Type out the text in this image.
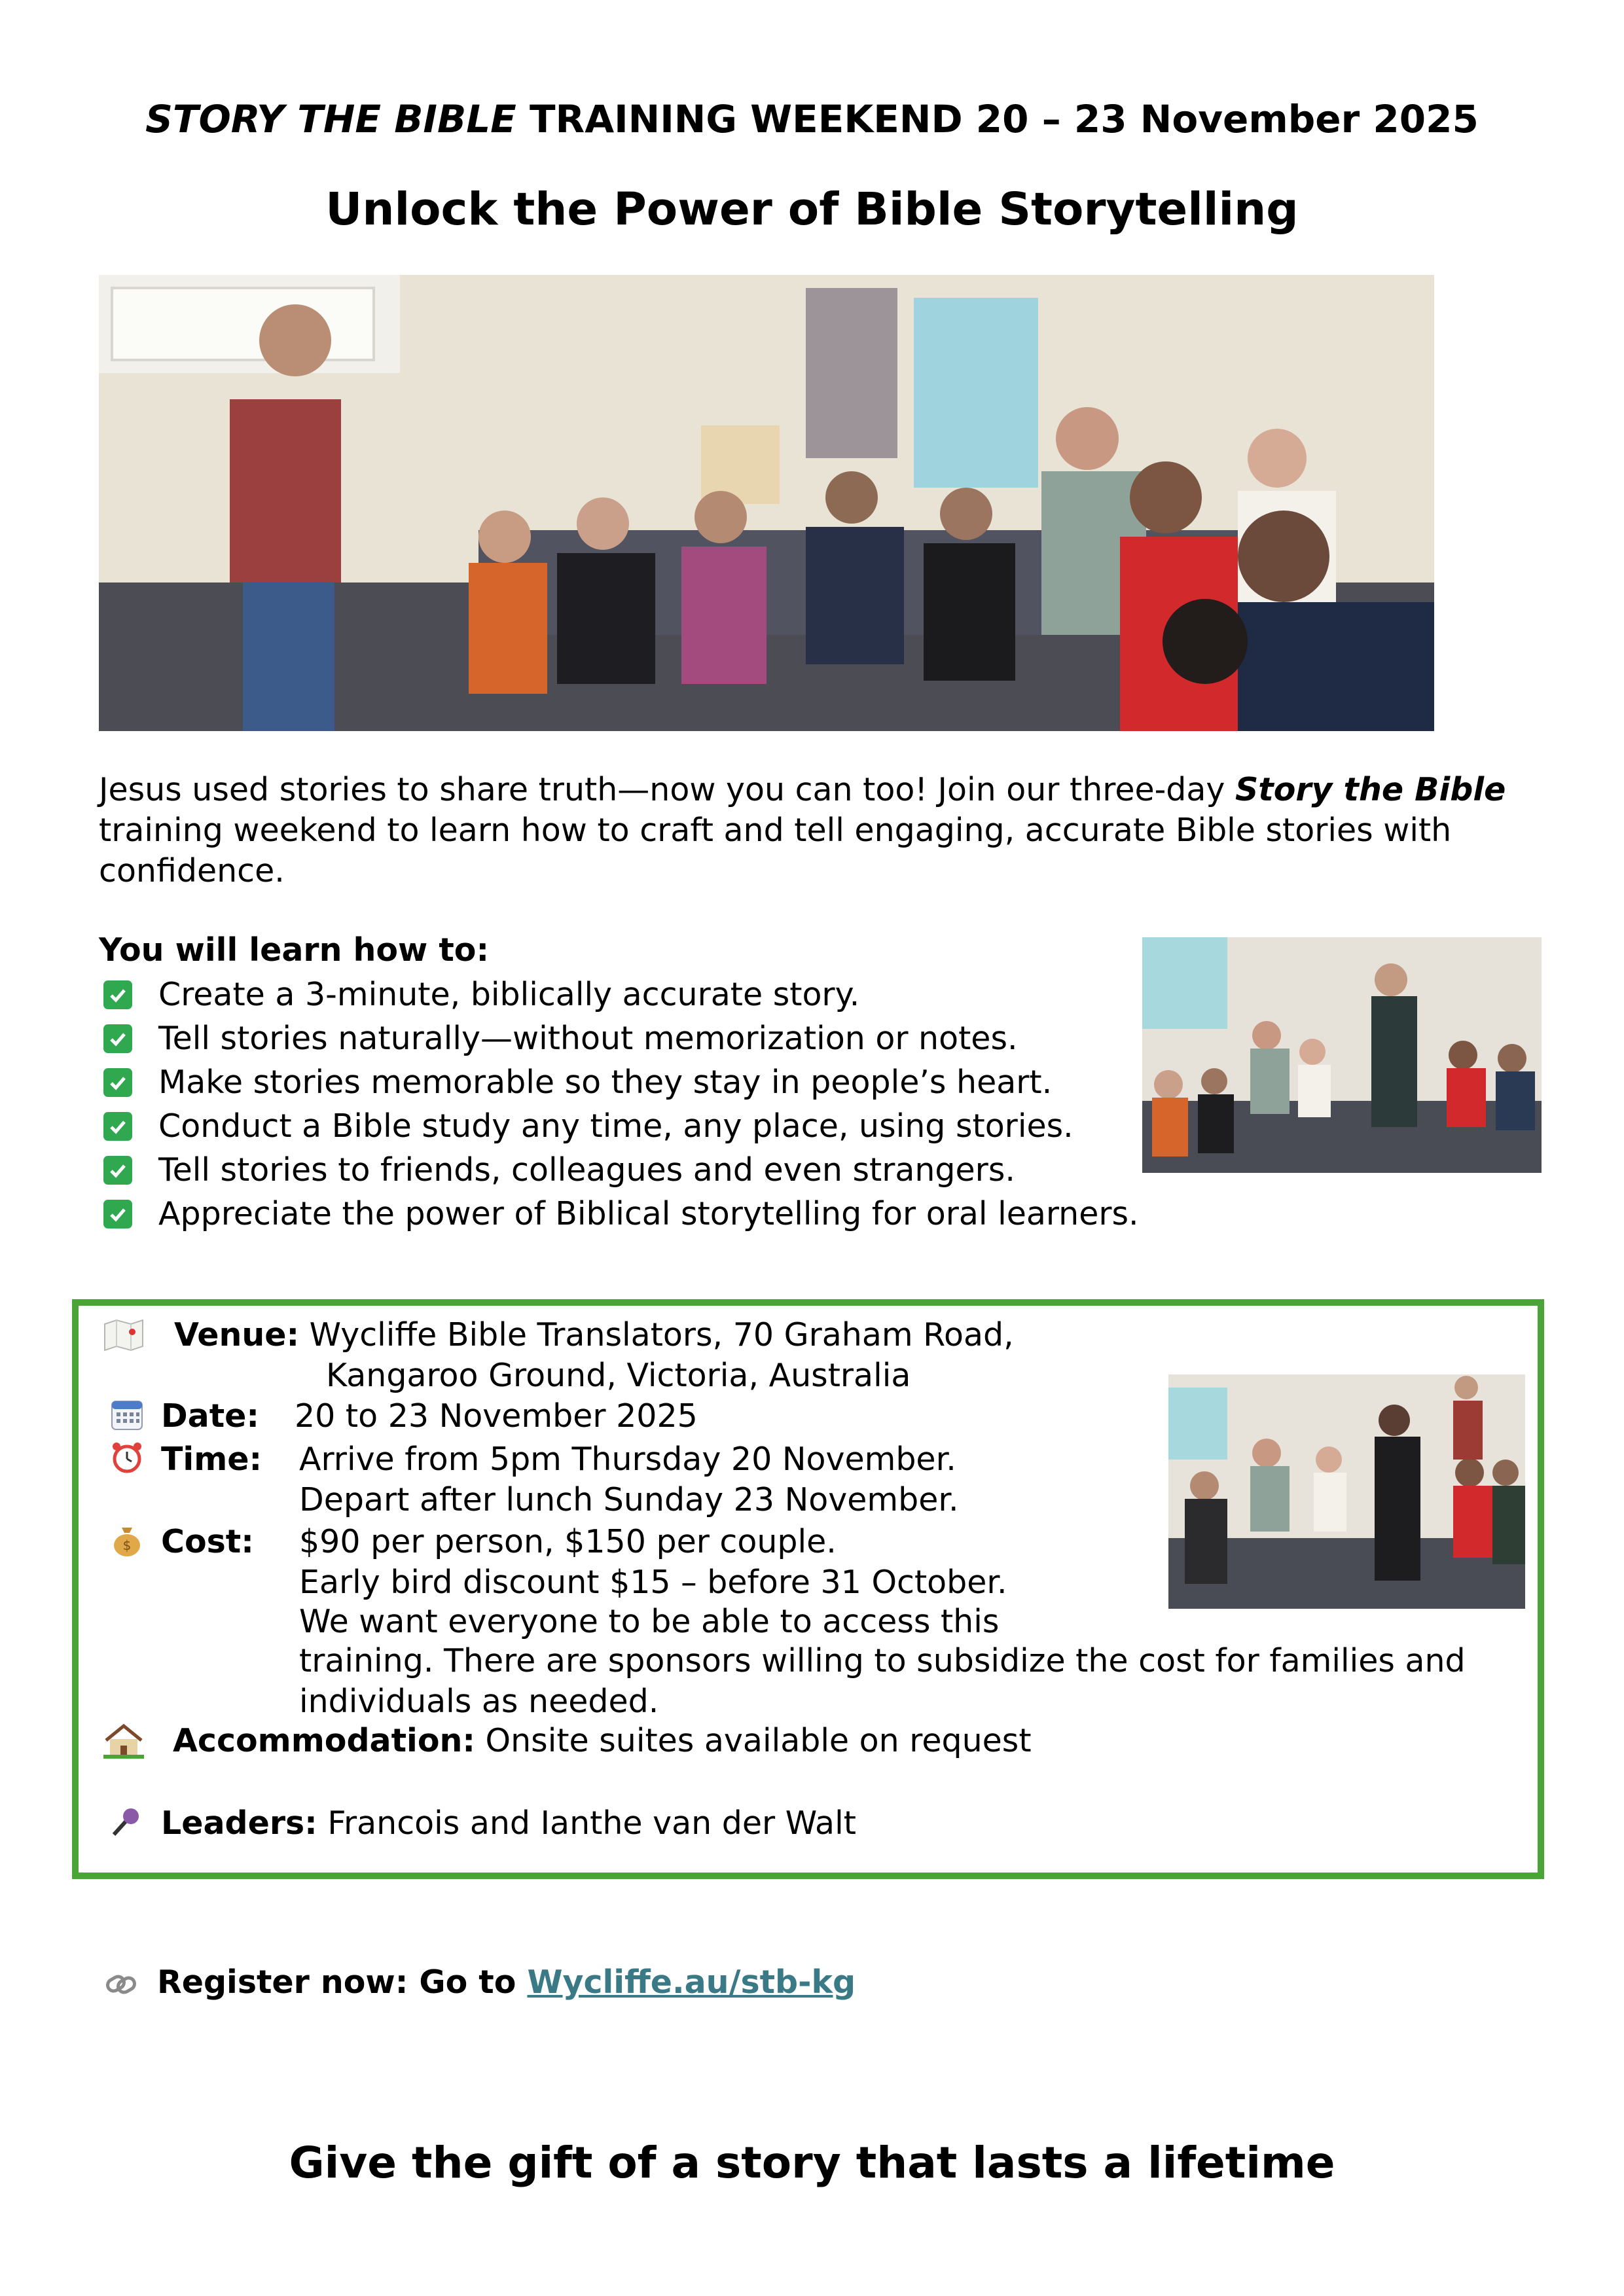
STORY THE BIBLE TRAINING WEEKEND 20 – 23 November 2025
Unlock the Power of Bible Storytelling
Jesus used stories to share truth—now you can too! Join our three-day Story the Bible training weekend to learn how to craft and tell engaging, accurate Bible stories with confidence.
You will learn how to:
Create a 3-minute, biblically accurate story.
Tell stories naturally—without memorization or notes.
Make stories memorable so they stay in people’s heart.
Conduct a Bible study any time, any place, using stories.
Tell stories to friends, colleagues and even strangers.
Appreciate the power of Biblical storytelling for oral learners.
Venue: Wycliffe Bible Translators, 70 Graham Road,
Kangaroo Ground, Victoria, Australia
Date: 20 to 23 November 2025
Time: Arrive from 5pm Thursday 20 November.
Depart after lunch Sunday 23 November.
$ Cost: $90 per person, $150 per couple.
Early bird discount $15 – before 31 October.
We want everyone to be able to access this
training. There are sponsors willing to subsidize the cost for families and
individuals as needed.
Accommodation: Onsite suites available on request
Leaders: Francois and Ianthe van der Walt
Register now: Go to Wycliffe.au/stb-kg
Give the gift of a story that lasts a lifetime
